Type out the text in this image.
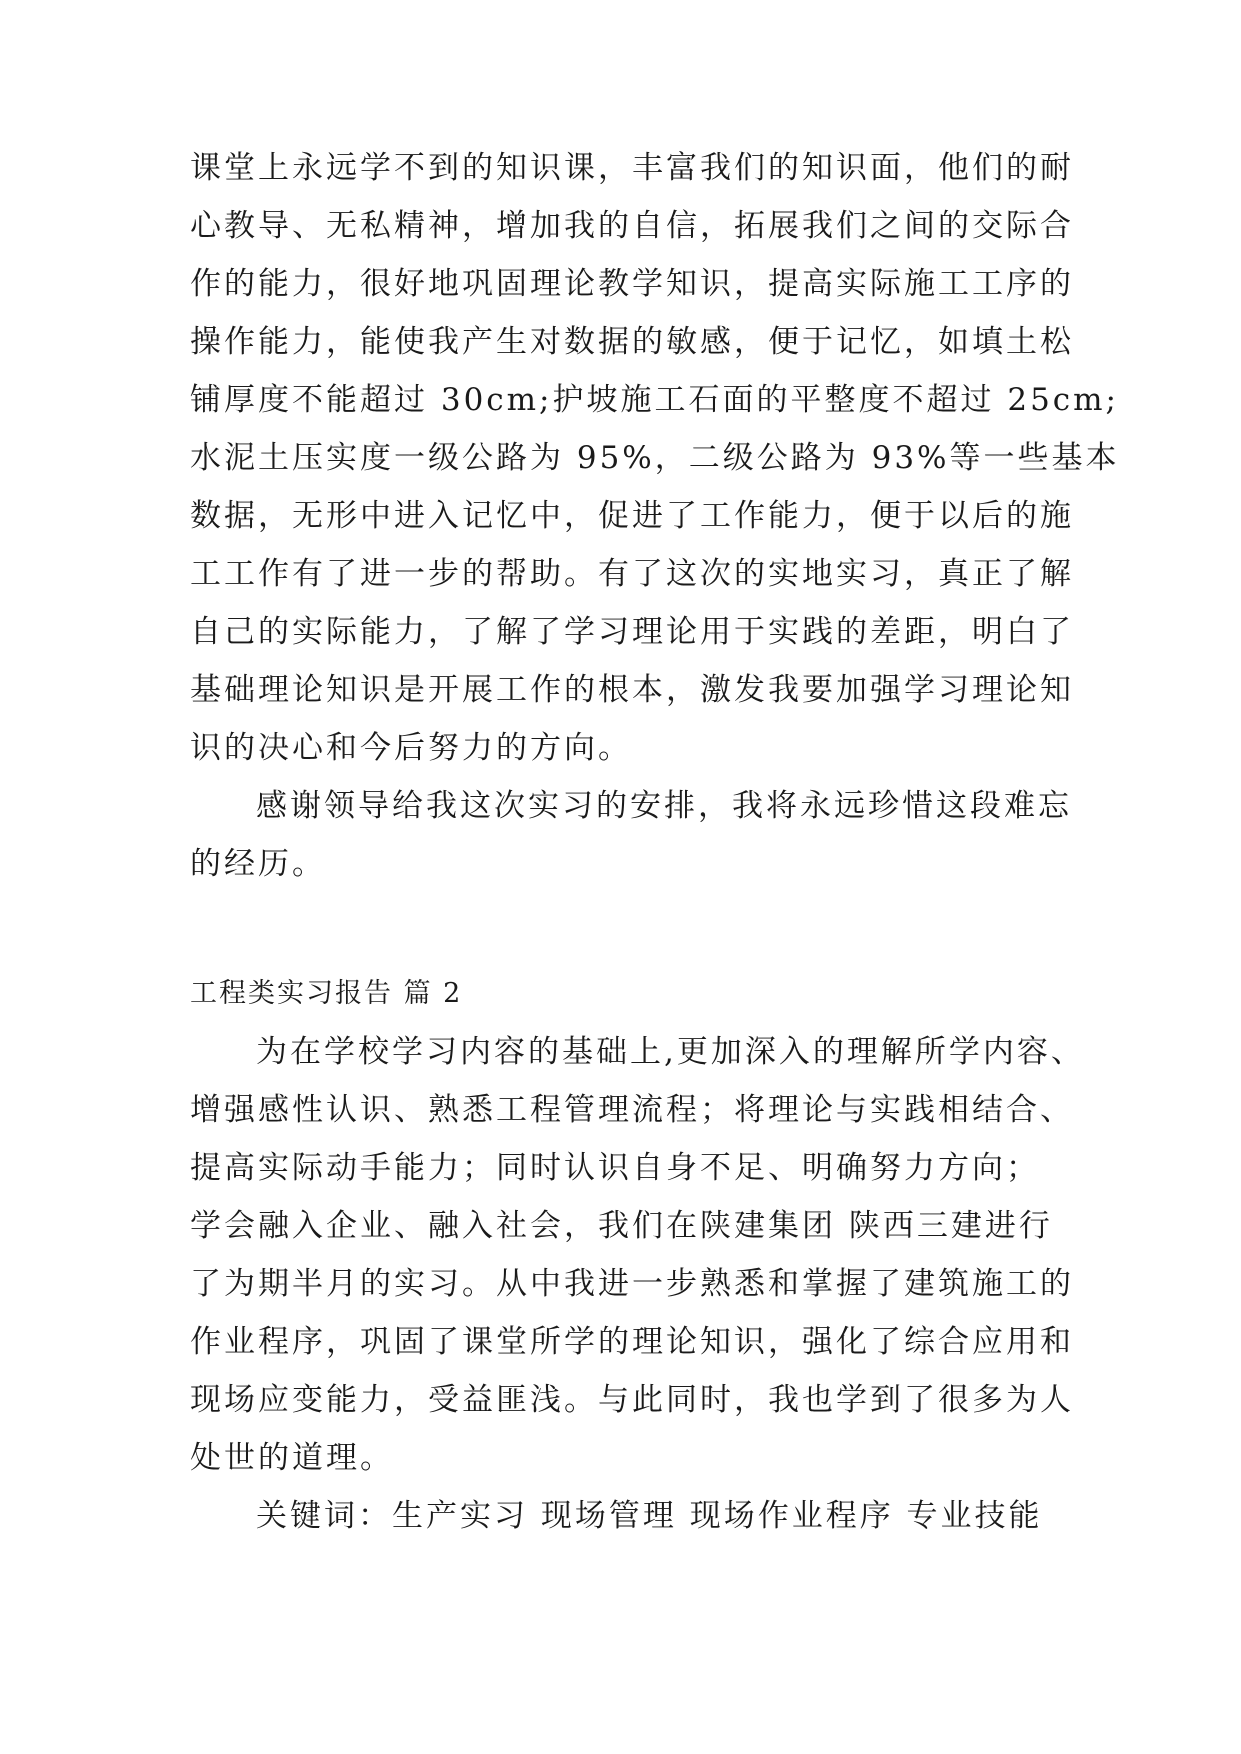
课堂上永远学不到的知识课，丰富我们的知识面，他们的耐
心教导、无私精神，增加我的自信，拓展我们之间的交际合
作的能力，很好地巩固理论教学知识，提高实际施工工序的
操作能力，能使我产生对数据的敏感，便于记忆，如填土松
铺厚度不能超过 30cm;护坡施工石面的平整度不超过 25cm;
水泥土压实度一级公路为 95%，二级公路为 93%等一些基本
数据，无形中进入记忆中，促进了工作能力，便于以后的施
工工作有了进一步的帮助。有了这次的实地实习，真正了解
自己的实际能力，了解了学习理论用于实践的差距，明白了
基础理论知识是开展工作的根本，激发我要加强学习理论知
识的决心和今后努力的方向。
感谢领导给我这次实习的安排，我将永远珍惜这段难忘
的经历。
工程类实习报告 篇 2
为在学校学习内容的基础上,更加深入的理解所学内容、
增强感性认识、熟悉工程管理流程；将理论与实践相结合、
提高实际动手能力；同时认识自身不足、明确努力方向；
学会融入企业、融入社会，我们在陕建集团 陕西三建进行
了为期半月的实习。从中我进一步熟悉和掌握了建筑施工的
作业程序，巩固了课堂所学的理论知识，强化了综合应用和
现场应变能力，受益匪浅。与此同时，我也学到了很多为人
处世的道理。
关键词：生产实习 现场管理 现场作业程序 专业技能
